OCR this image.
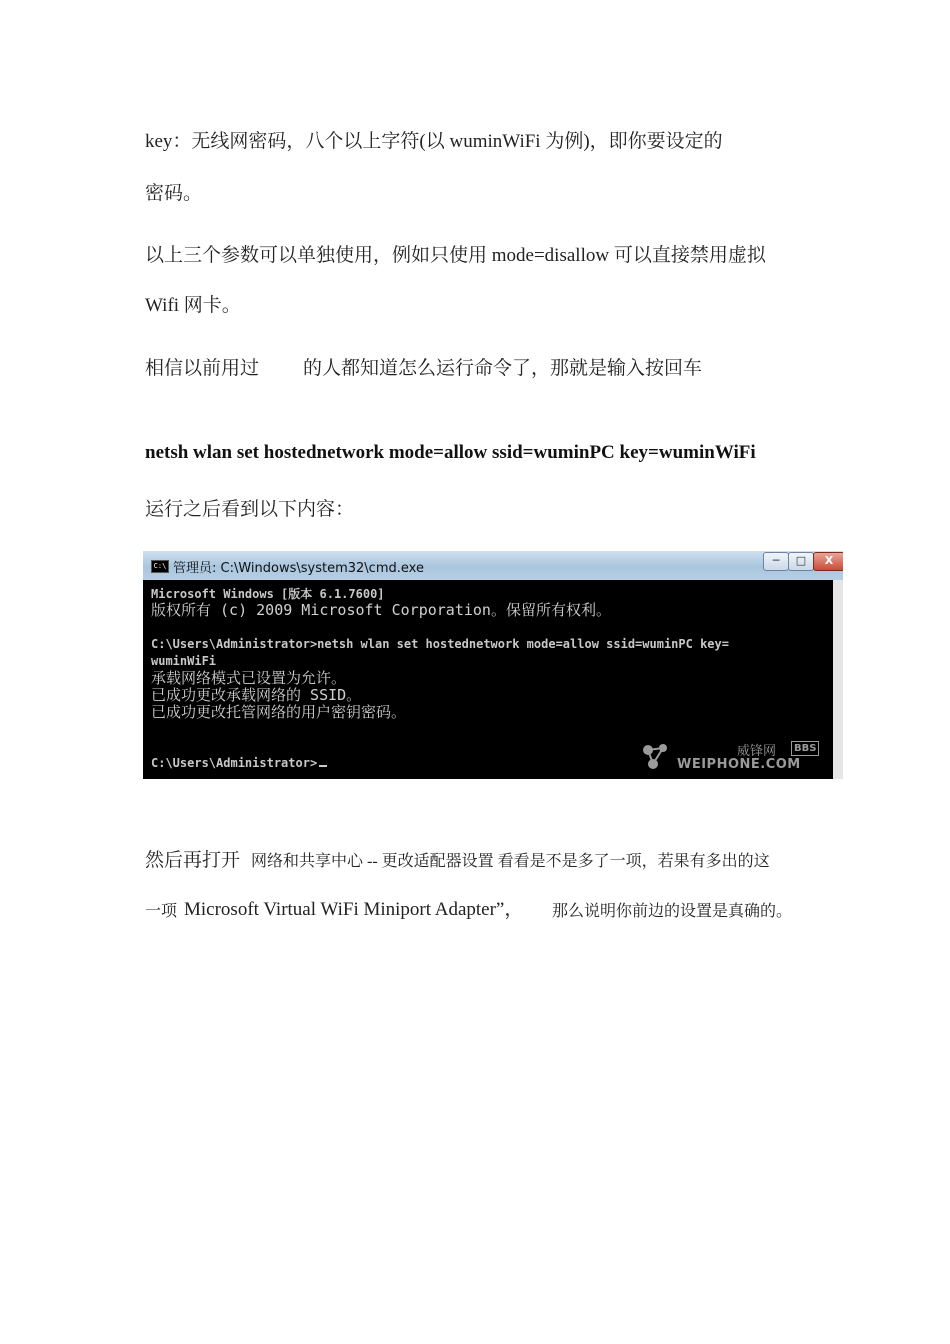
key：无线网密码，八个以上字符(以 wuminWiFi 为例)，即你要设定的
密码。
以上三个参数可以单独使用，例如只使用 mode=disallow 可以直接禁用虚拟
Wifi 网卡。
相信以前用过 的人都知道怎么运行命令了，那就是输入按回车
netsh wlan set hostednetwork mode=allow ssid=wuminPC key=wuminWiFi
运行之后看到以下内容：
C:\ 管理员: C:\Windows\system32\cmd.exe
─	□	X
Microsoft Windows [版本 6.1.7600]
版权所有 (c) 2009 Microsoft Corporation。保留所有权利。
C:\Users\Administrator>netsh wlan set hostednetwork mode=allow ssid=wuminPC key=
wuminWiFi
承载网络模式已设置为允许。
已成功更改承载网络的 SSID。
已成功更改托管网络的用户密钥密码。
C:\Users\Administrator>
威锋网	BBS
WEIPHONE.COM
然后再打开 网络和共享中心 -- 更改适配器设置 看看是不是多了一项，若果有多出的这
一项 Microsoft Virtual WiFi Miniport Adapter”， 那么说明你前边的设置是真确的。
